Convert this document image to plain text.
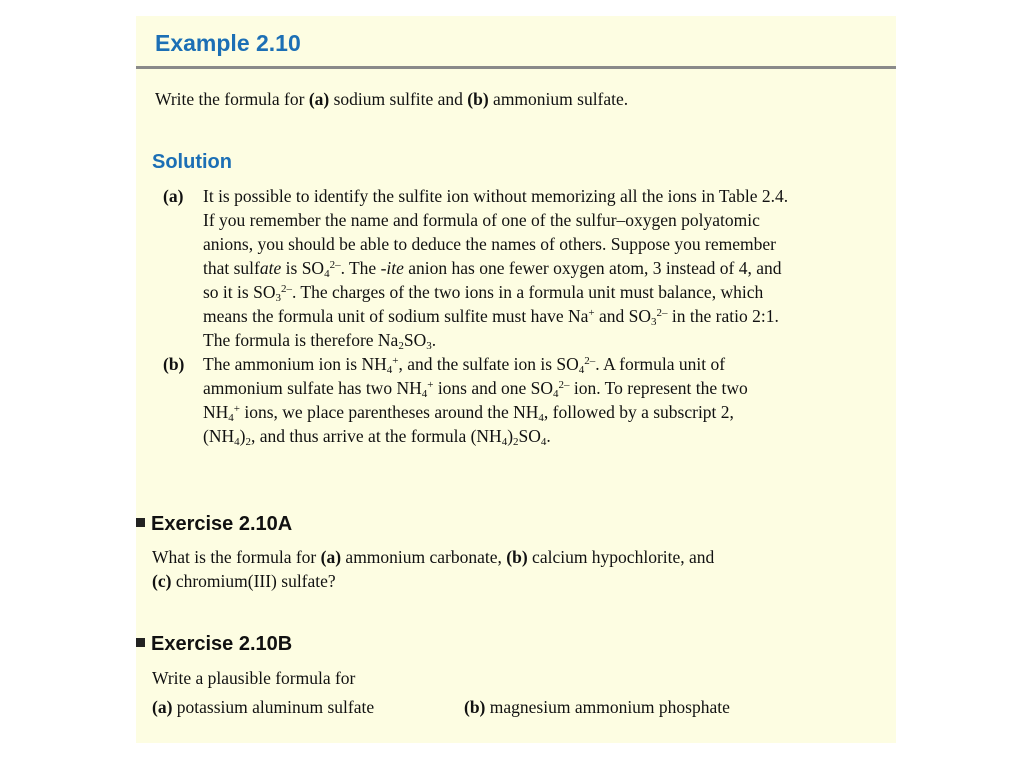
Example 2.10
Write the formula for (a) sodium sulfite and (b) ammonium sulfate.
Solution
(a) It is possible to identify the sulfite ion without memorizing all the ions in Table 2.4.
If you remember the name and formula of one of the sulfur–oxygen polyatomic
anions, you should be able to deduce the names of others. Suppose you remember
that sulfate is $SO_4^{2-}$. The -ite anion has one fewer oxygen atom, 3 instead of 4, and
so it is $SO_3^{2-}$. The charges of the two ions in a formula unit must balance, which
means the formula unit of sodium sulfite must have Na+ and $SO_3^{2-}$ in the ratio 2:1.
The formula is therefore $Na_2SO_3$.
(b) The ammonium ion is $NH_4^+$, and the sulfate ion is $SO_4^{2-}$. A formula unit of
ammonium sulfate has two $NH_4^+$ ions and one $SO_4^{2-}$ ion. To represent the two
$NH_4^+$ ions, we place parentheses around the $NH_4$, followed by a subscript 2,
$(NH_4)_2$, and thus arrive at the formula $(NH_4)_2SO_4$.
Exercise 2.10A
What is the formula for (a) ammonium carbonate, (b) calcium hypochlorite, and
(c) chromium(III) sulfate?
Exercise 2.10B
Write a plausible formula for
(a) potassium aluminum sulfate	(b) magnesium ammonium phosphate
